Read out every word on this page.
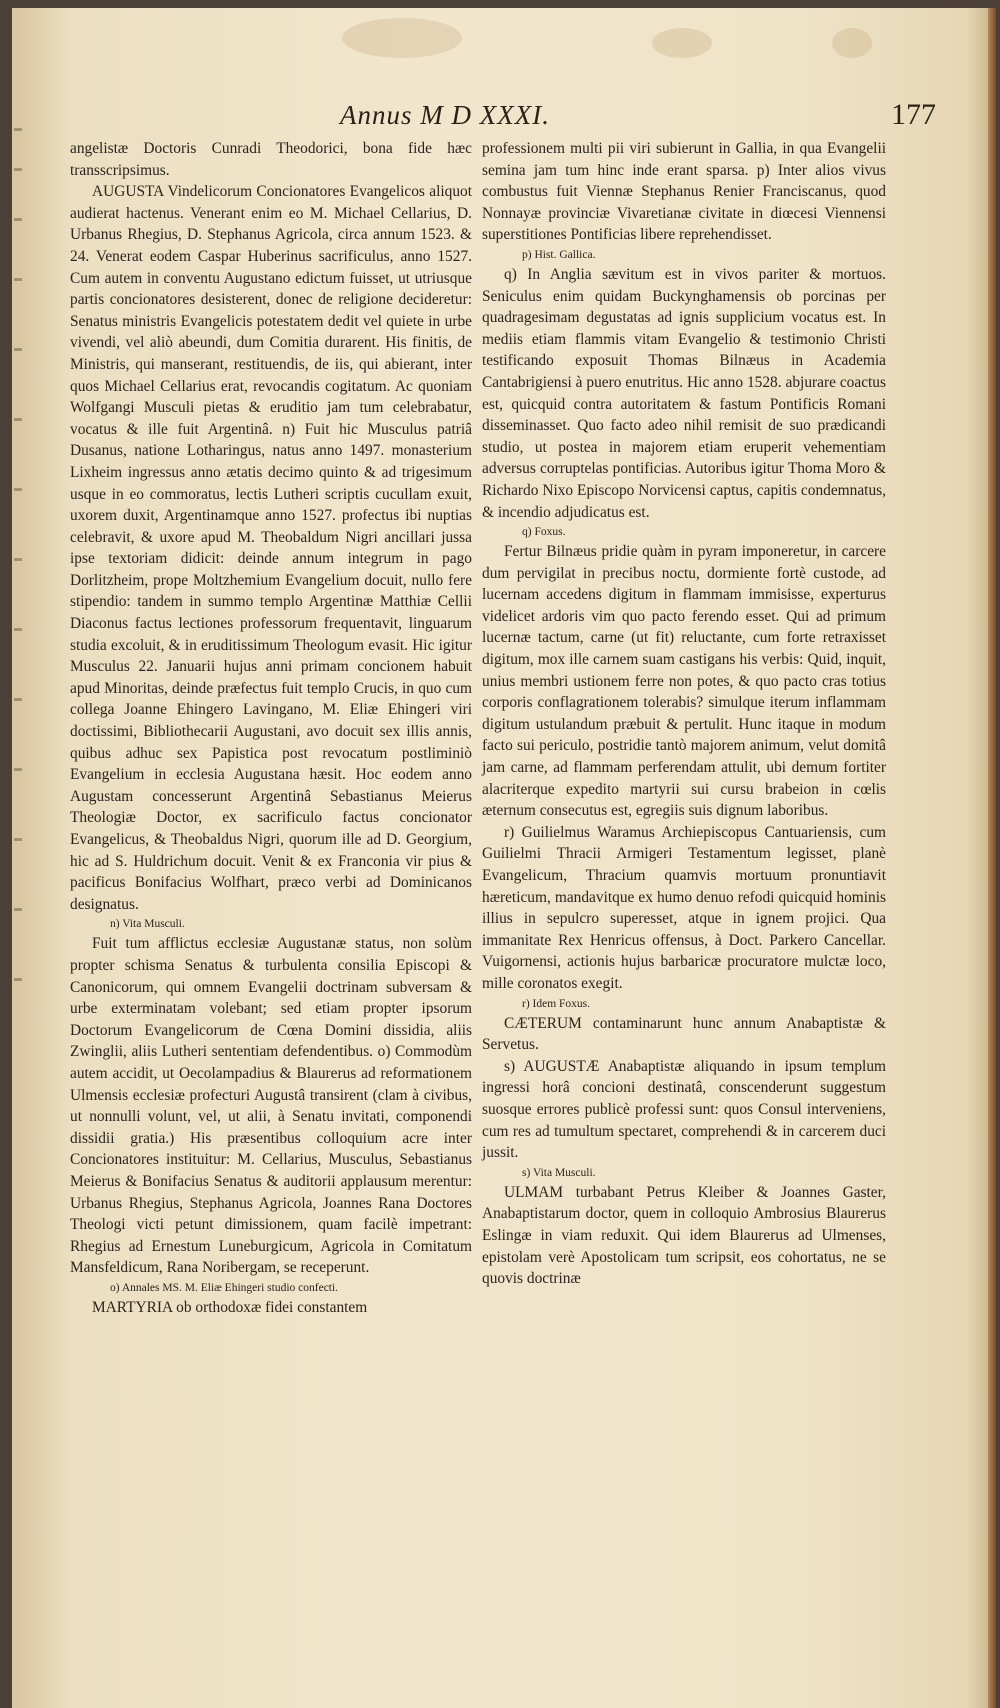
Annus M D XXXI.	177

angelistæ Doctoris Cunradi Theodorici, bona fide hæc transscripsimus.

AUGUSTA Vindelicorum Concionatores Evangelicos aliquot audierat hactenus. Venerant enim eo M. Michael Cellarius, D. Urbanus Rhegius, D. Stephanus Agricola, circa annum 1523. & 24. Venerat eodem Caspar Huberinus sacrificulus, anno 1527. Cum autem in conventu Augustano edictum fuisset, ut utriusque partis concionatores desisterent, donec de religione decideretur: Senatus ministris Evangelicis potestatem dedit vel quiete in urbe vivendi, vel aliò abeundi, dum Comitia durarent. His finitis, de Ministris, qui manserant, restituendis, de iis, qui abierant, inter quos Michael Cellarius erat, revocandis cogitatum. Ac quoniam Wolfgangi Musculi pietas & eruditio jam tum celebrabatur, vocatus & ille fuit Argentinâ. n) Fuit hic Musculus patriâ Dusanus, natione Lotharingus, natus anno 1497. monasterium Lixheim ingressus anno ætatis decimo quinto & ad trigesimum usque in eo commoratus, lectis Lutheri scriptis cucullam exuit, uxorem duxit, Argentinamque anno 1527. profectus ibi nuptias celebravit, & uxore apud M. Theobaldum Nigri ancillari jussa ipse textoriam didicit: deinde annum integrum in pago Dorlitzheim, prope Moltzhemium Evangelium docuit, nullo fere stipendio: tandem in summo templo Argentinæ Matthiæ Cellii Diaconus factus lectiones professorum frequentavit, linguarum studia excoluit, & in eruditissimum Theologum evasit. Hic igitur Musculus 22. Januarii hujus anni primam concionem habuit apud Minoritas, deinde præfectus fuit templo Crucis, in quo cum collega Joanne Ehingero Lavingano, M. Eliæ Ehingeri viri doctissimi, Bibliothecarii Augustani, avo docuit sex illis annis, quibus adhuc sex Papistica post revocatum postliminiò Evangelium in ecclesia Augustana hæsit. Hoc eodem anno Augustam concesserunt Argentinâ Sebastianus Meierus Theologiæ Doctor, ex sacrificulo factus concionator Evangelicus, & Theobaldus Nigri, quorum ille ad D. Georgium, hic ad S. Huldrichum docuit. Venit & ex Franconia vir pius & pacificus Bonifacius Wolfhart, præco verbi ad Dominicanos designatus.

n) Vita Musculi.

Fuit tum afflictus ecclesiæ Augustanæ status, non solùm propter schisma Senatus & turbulenta consilia Episcopi & Canonicorum, qui omnem Evangelii doctrinam subversam & urbe exterminatam volebant; sed etiam propter ipsorum Doctorum Evangelicorum de Cœna Domini dissidia, aliis Zwinglii, aliis Lutheri sententiam defendentibus. o) Commodùm autem accidit, ut Oecolampadius & Blaurerus ad reformationem Ulmensis ecclesiæ profecturi Augustâ transirent (clam à civibus, ut nonnulli volunt, vel, ut alii, à Senatu invitati, componendi dissidii gratia.) His præsentibus colloquium acre inter Concionatores instituitur: M. Cellarius, Musculus, Sebastianus Meierus & Bonifacius Senatus & auditorii applausum merentur: Urbanus Rhegius, Stephanus Agricola, Joannes Rana Doctores Theologi victi petunt dimissionem, quam facilè impetrant: Rhegius ad Ernestum Luneburgicum, Agricola in Comitatum Mansfeldicum, Rana Noribergam, se receperunt.

o) Annales MS. M. Eliæ Ehingeri studio confecti.

MARTYRIA ob orthodoxæ fidei constantem

professionem multi pii viri subierunt in Gallia, in qua Evangelii semina jam tum hinc inde erant sparsa. p) Inter alios vivus combustus fuit Viennæ Stephanus Renier Franciscanus, quod Nonnayæ provinciæ Vivaretianæ civitate in diœcesi Viennensi superstitiones Pontificias libere reprehendisset.

p) Hist. Gallica.

q) In Anglia sævitum est in vivos pariter & mortuos. Seniculus enim quidam Buckynghamensis ob porcinas per quadragesimam degustatas ad ignis supplicium vocatus est. In mediis etiam flammis vitam Evangelio & testimonio Christi testificando exposuit Thomas Bilnæus in Academia Cantabrigiensi à puero enutritus. Hic anno 1528. abjurare coactus est, quicquid contra autoritatem & fastum Pontificis Romani disseminasset. Quo facto adeo nihil remisit de suo prædicandi studio, ut postea in majorem etiam eruperit vehementiam adversus corruptelas pontificias. Autoribus igitur Thoma Moro & Richardo Nixo Episcopo Norvicensi captus, capitis condemnatus, & incendio adjudicatus est.

q) Foxus.

Fertur Bilnæus pridie quàm in pyram imponeretur, in carcere dum pervigilat in precibus noctu, dormiente fortè custode, ad lucernam accedens digitum in flammam immisisse, experturus videlicet ardoris vim quo pacto ferendo esset. Qui ad primum lucernæ tactum, carne (ut fit) reluctante, cum forte retraxisset digitum, mox ille carnem suam castigans his verbis: Quid, inquit, unius membri ustionem ferre non potes, & quo pacto cras totius corporis conflagrationem tolerabis? simulque iterum inflammam digitum ustulandum præbuit & pertulit. Hunc itaque in modum facto sui periculo, postridie tantò majorem animum, velut domitâ jam carne, ad flammam perferendam attulit, ubi demum fortiter alacriterque expedito martyrii sui cursu brabeion in cœlis æternum consecutus est, egregiis suis dignum laboribus.

r) Guilielmus Waramus Archiepiscopus Cantuariensis, cum Guilielmi Thracii Armigeri Testamentum legisset, planè Evangelicum, Thracium quamvis mortuum pronuntiavit hæreticum, mandavitque ex humo denuo refodi quicquid hominis illius in sepulcro superesset, atque in ignem projici. Qua immanitate Rex Henricus offensus, à Doct. Parkero Cancellar. Vuigornensi, actionis hujus barbaricæ procuratore mulctæ loco, mille coronatos exegit.

r) Idem Foxus.

CÆTERUM contaminarunt hunc annum Anabaptistæ & Servetus.

s) AUGUSTÆ Anabaptistæ aliquando in ipsum templum ingressi horâ concioni destinatâ, conscenderunt suggestum suosque errores publicè professi sunt: quos Consul interveniens, cum res ad tumultum spectaret, comprehendi & in carcerem duci jussit.

s) Vita Musculi.

ULMAM turbabant Petrus Kleiber & Joannes Gaster, Anabaptistarum doctor, quem in colloquio Ambrosius Blaurerus Eslingæ in viam reduxit. Qui idem Blaurerus ad Ulmenses, epistolam verè Apostolicam tum scripsit, eos cohortatus, ne se quovis doctrinæ
